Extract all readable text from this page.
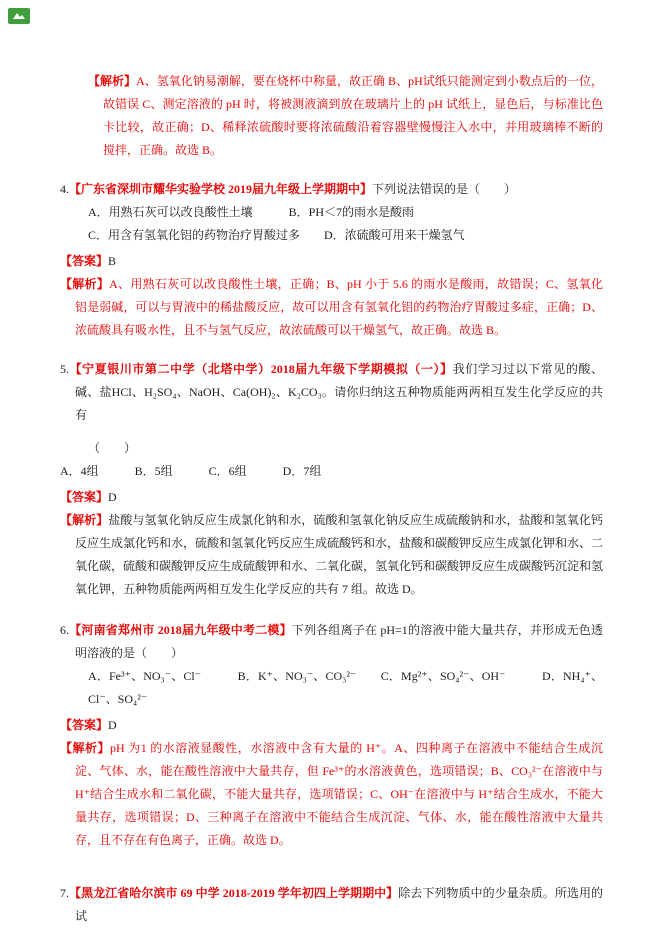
【解析】A、氢氧化钠易潮解，要在烧杯中称量，故正确 B、pH试纸只能测定到小数点后的一位，故错误 C、测定溶液的 pH 时，将被测液滴到放在玻璃片上的 pH 试纸上，显色后，与标准比色卡比较，故正确；D、稀释浓硫酸时要将浓硫酸沿着容器壁慢慢注入水中，并用玻璃棒不断的搅拌，正确。故选 B。

4.【广东省深圳市耀华实验学校 2019届九年级上学期期中】下列说法错误的是（　　）

A．用熟石灰可以改良酸性土壤　　　B．PH＜7的雨水是酸雨

C．用含有氢氧化铝的药物治疗胃酸过多　　D．浓硫酸可用来干燥氢气

【答案】B

【解析】A、用熟石灰可以改良酸性土壤，正确；B、pH 小于 5.6 的雨水是酸雨，故错误；C、氢氧化铝是弱碱，可以与胃液中的稀盐酸反应，故可以用含有氢氧化铝的药物治疗胃酸过多症，正确；D、浓硫酸具有吸水性，且不与氢气反应，故浓硫酸可以干燥氢气，故正确。故选 B。

5.【宁夏银川市第二中学（北塔中学）2018届九年级下学期模拟（一）】我们学习过以下常见的酸、碱、盐HCl、H₂SO₄、NaOH、Ca(OH)₂、K₂CO₃。请你归纳这五种物质能两两相互发生化学反应的共有

（　　）

A．4组　　　B．5组　　　C．6组　　　D．7组

【答案】D

【解析】盐酸与氢氧化钠反应生成氯化钠和水，硫酸和氢氧化钠反应生成硫酸钠和水，盐酸和氢氧化钙反应生成氯化钙和水，硫酸和氢氧化钙反应生成硫酸钙和水，盐酸和碳酸钾反应生成氯化钾和水、二氧化碳，硫酸和碳酸钾反应生成硫酸钾和水、二氧化碳，氢氧化钙和碳酸钾反应生成碳酸钙沉淀和氢氧化钾，五种物质能两两相互发生化学反应的共有 7 组。故选 D。

6.【河南省郑州市 2018届九年级中考二模】下列各组离子在 pH=1的溶液中能大量共存，并形成无色透明溶液的是（　　）

A．Fe³⁺、NO₃⁻、Cl⁻　　　B．K⁺、NO₃⁻、CO₃²⁻　　C．Mg²⁺、SO₄²⁻、OH⁻　　　D．NH₄⁺、Cl⁻、SO₄²⁻

【答案】D

【解析】pH 为1 的水溶液显酸性，水溶液中含有大量的 H⁺。A、四种离子在溶液中不能结合生成沉淀、气体、水，能在酸性溶液中大量共存，但 Fe³⁺的水溶液黄色，选项错误；B、CO₃²⁻在溶液中与 H⁺结合生成水和二氧化碳，不能大量共存，选项错误；C、OH⁻在溶液中与 H⁺结合生成水，不能大量共存，选项错误；D、三种离子在溶液中不能结合生成沉淀、气体、水，能在酸性溶液中大量共存，且不存在有色离子，正确。故选 D。

7.【黑龙江省哈尔滨市 69 中学 2018-2019 学年初四上学期期中】除去下列物质中的少量杂质。所选用的试
